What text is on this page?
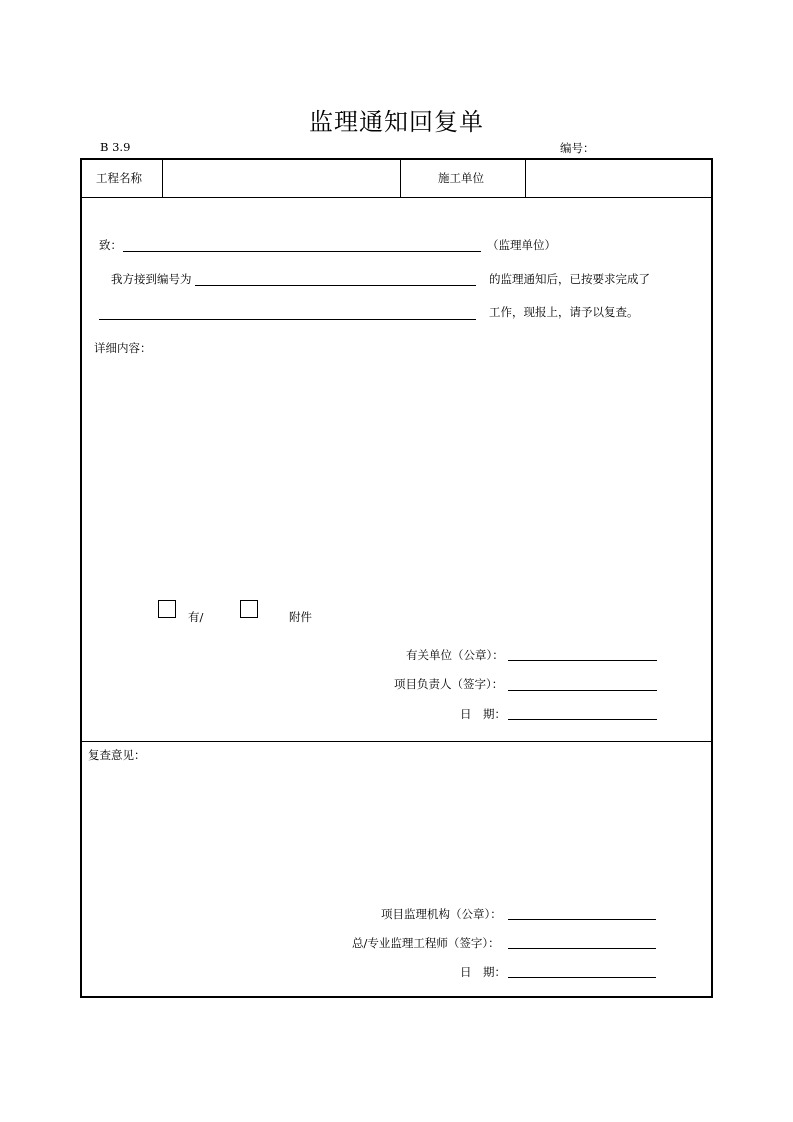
监理通知回复单
B 3.9	编号：
工程名称	施工单位
致：	（监理单位）
我方接到编号为	的监理通知后，已按要求完成了
工作，现报上，请予以复查。
详细内容：
有/	附件
有关单位（公章）：
项目负责人（签字）：
日　期：
复查意见：
项目监理机构（公章）：
总/专业监理工程师（签字）：
日　期：
